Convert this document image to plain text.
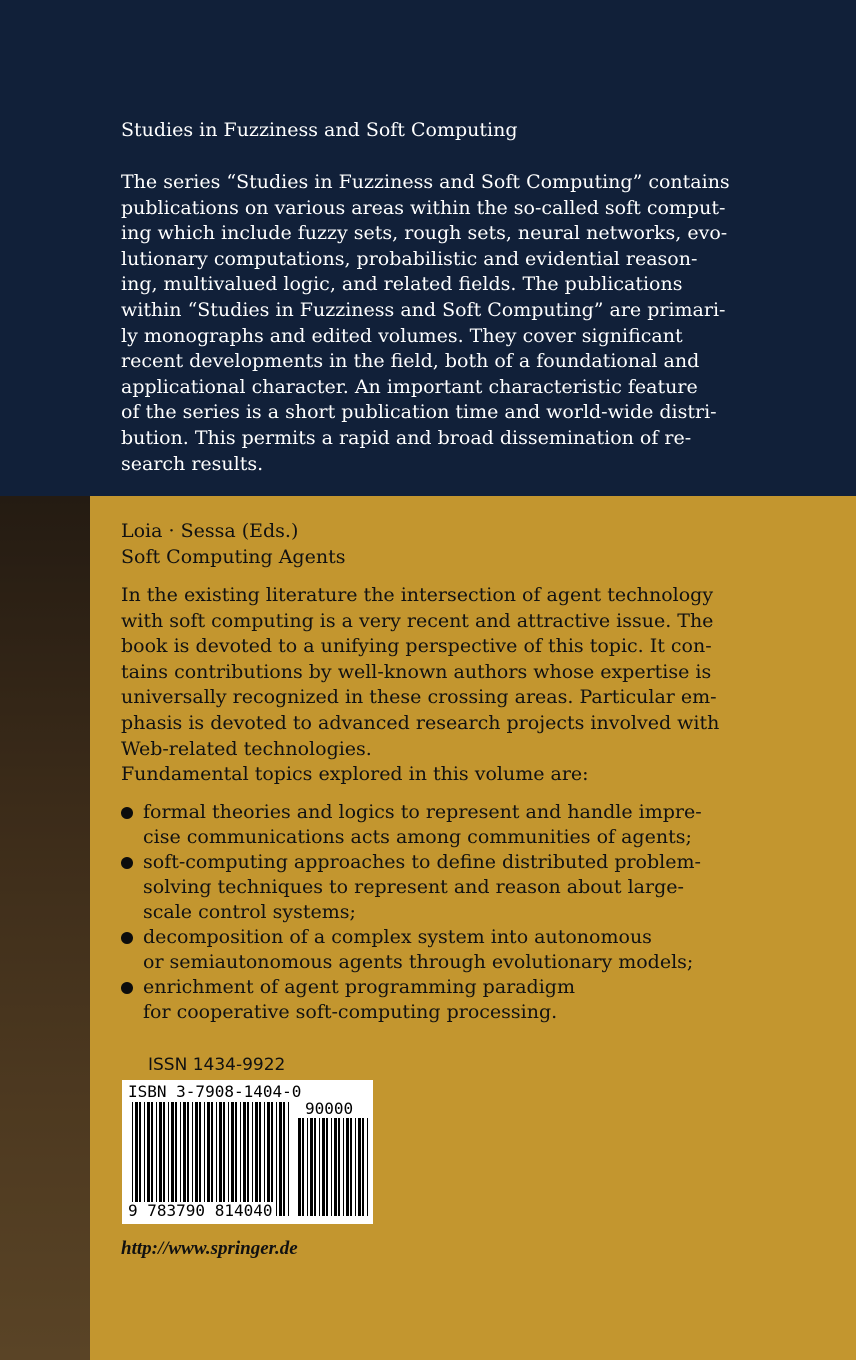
Studies in Fuzziness and Soft Computing
The series “Studies in Fuzziness and Soft Computing” contains
publications on various areas within the so-called soft comput-
ing which include fuzzy sets, rough sets, neural networks, evo-
lutionary computations, probabilistic and evidential reason-
ing, multivalued logic, and related fields. The publications
within “Studies in Fuzziness and Soft Computing” are primari-
ly monographs and edited volumes. They cover significant
recent developments in the field, both of a foundational and
applicational character. An important characteristic feature
of the series is a short publication time and world-wide distri-
bution. This permits a rapid and broad dissemination of re-
search results.
Loia · Sessa (Eds.)
Soft Computing Agents
In the existing literature the intersection of agent technology
with soft computing is a very recent and attractive issue. The
book is devoted to a unifying perspective of this topic. It con-
tains contributions by well-known authors whose expertise is
universally recognized in these crossing areas. Particular em-
phasis is devoted to advanced research projects involved with
Web-related technologies.
Fundamental topics explored in this volume are:
formal theories and logics to represent and handle impre-
cise communications acts among communities of agents;
soft-computing approaches to define distributed problem-
solving techniques to represent and reason about large-
scale control systems;
decomposition of a complex system into autonomous
or semiautonomous agents through evolutionary models;
enrichment of agent programming paradigm
for cooperative soft-computing processing.
ISSN 1434-9922
ISBN 3-7908-1404-0
90000
9 783790 814040
http://www.springer.de
